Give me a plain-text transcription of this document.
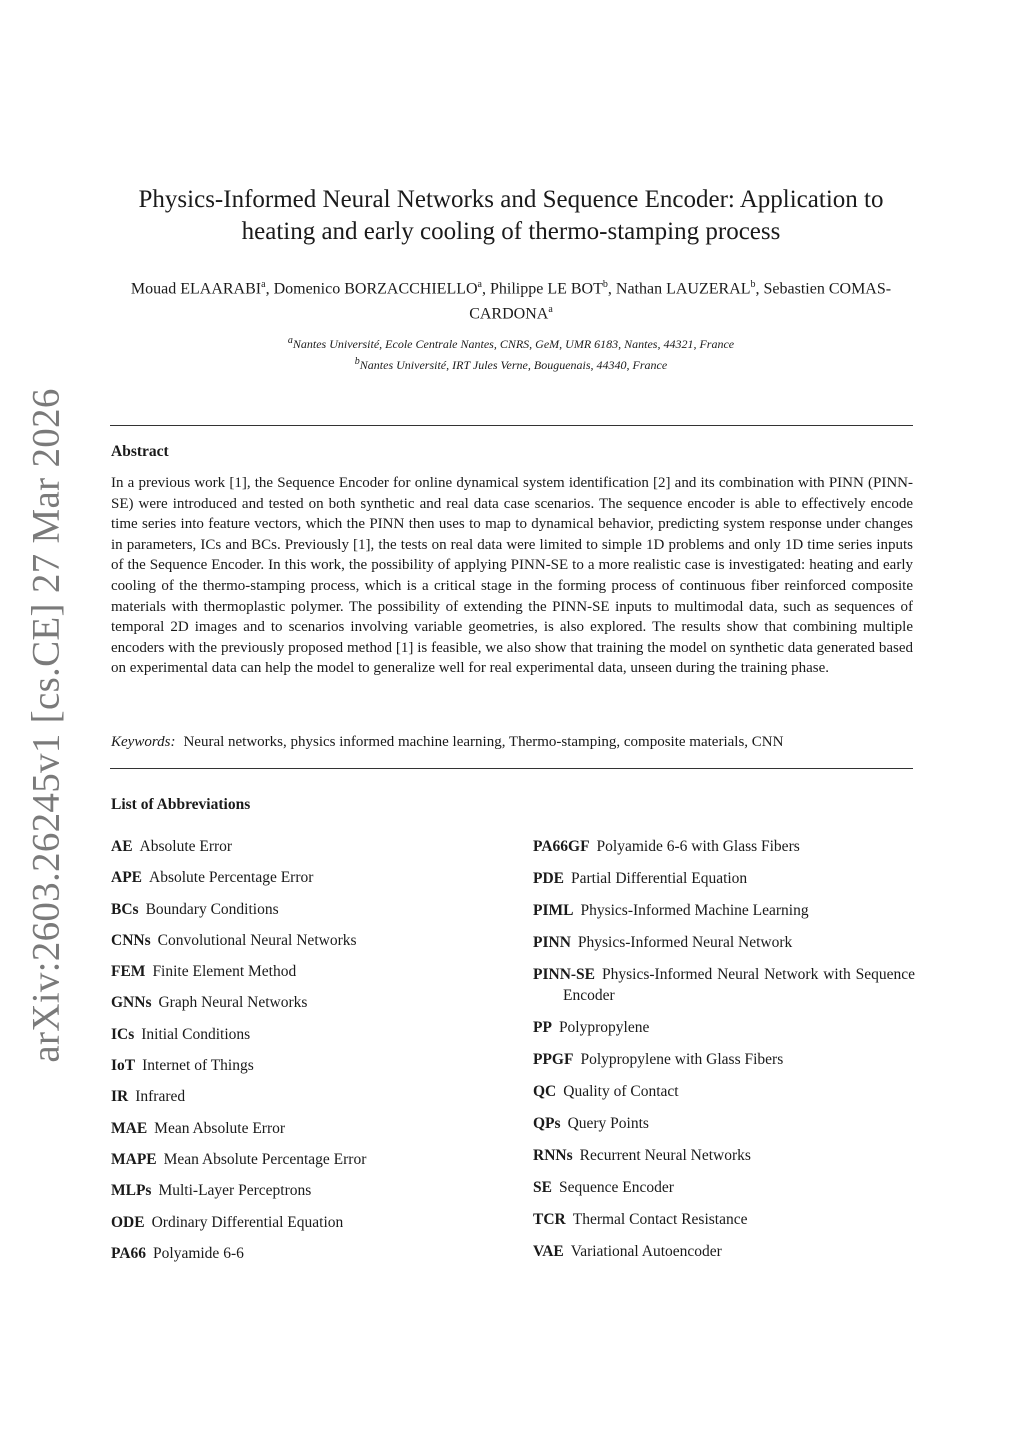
arXiv:2603.26245v1 [cs.CE] 27 Mar 2026
Physics-Informed Neural Networks and Sequence Encoder: Application to heating and early cooling of thermo-stamping process
Mouad ELAARABI$^a$, Domenico BORZACCHIELLO$^a$, Philippe LE BOT$^b$, Nathan LAUZERAL$^b$, Sebastien COMAS-CARDONA$^a$
$^a$Nantes Université, Ecole Centrale Nantes, CNRS, GeM, UMR 6183, Nantes, 44321, France
$^b$Nantes Université, IRT Jules Verne, Bouguenais, 44340, France
Abstract

In a previous work [1], the Sequence Encoder for online dynamical system identification [2] and its combination with PINN (PINN-SE) were introduced and tested on both synthetic and real data case scenarios. The sequence encoder is able to effectively encode time series into feature vectors, which the PINN then uses to map to dynamical behavior, predicting system response under changes in parameters, ICs and BCs. Previously [1], the tests on real data were limited to simple 1D problems and only 1D time series inputs of the Sequence Encoder. In this work, the possibility of applying PINN-SE to a more realistic case is investigated: heating and early cooling of the thermo-stamping process, which is a critical stage in the forming process of continuous fiber reinforced composite materials with thermoplastic polymer. The possibility of extending the PINN-SE inputs to multimodal data, such as sequences of temporal 2D images and to scenarios involving variable geometries, is also explored. The results show that combining multiple encoders with the previously proposed method [1] is feasible, we also show that training the model on synthetic data generated based on experimental data can help the model to generalize well for real experimental data, unseen during the training phase.

Keywords: Neural networks, physics informed machine learning, Thermo-stamping, composite materials, CNN
List of Abbreviations
AE Absolute Error
APE Absolute Percentage Error
BCs Boundary Conditions
CNNs Convolutional Neural Networks
FEM Finite Element Method
GNNs Graph Neural Networks
ICs Initial Conditions
IoT Internet of Things
IR Infrared
MAE Mean Absolute Error
MAPE Mean Absolute Percentage Error
MLPs Multi-Layer Perceptrons
ODE Ordinary Differential Equation
PA66 Polyamide 6-6
PA66GF Polyamide 6-6 with Glass Fibers
PDE Partial Differential Equation
PIML Physics-Informed Machine Learning
PINN Physics-Informed Neural Network
PINN-SE Physics-Informed Neural Network with Sequence Encoder
PP Polypropylene
PPGF Polypropylene with Glass Fibers
QC Quality of Contact
QPs Query Points
RNNs Recurrent Neural Networks
SE Sequence Encoder
TCR Thermal Contact Resistance
VAE Variational Autoencoder
